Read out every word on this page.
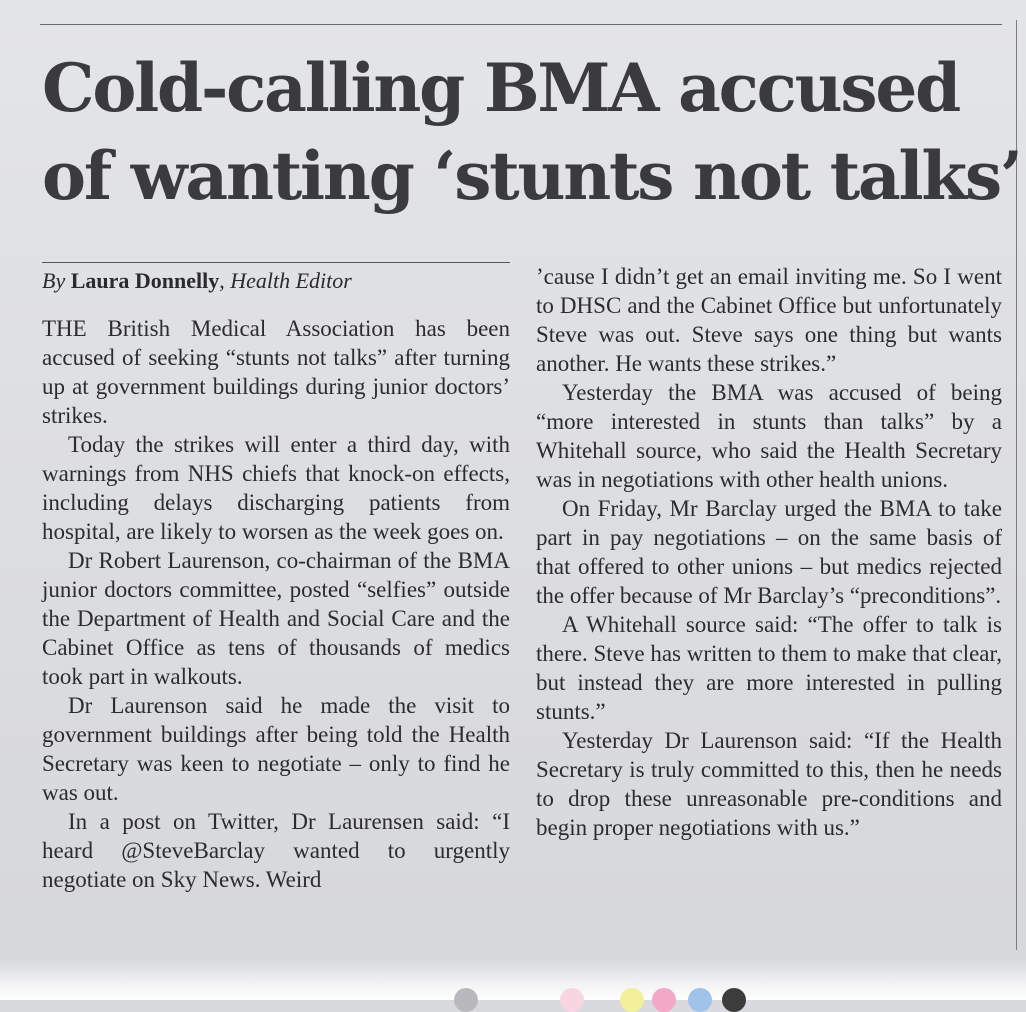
Cold-calling BMA accused
of wanting ‘stunts not talks’
By Laura Donnelly, Health Editor

THE British Medical Association has been accused of seeking “stunts not talks” after turning up at government buildings during junior doctors’ strikes.

Today the strikes will enter a third day, with warnings from NHS chiefs that knock-on effects, including delays discharging patients from hospital, are likely to worsen as the week goes on.

Dr Robert Laurenson, co-chairman of the BMA junior doctors committee, posted “selfies” outside the Department of Health and Social Care and the Cabinet Office as tens of thousands of medics took part in walkouts.

Dr Laurenson said he made the visit to government buildings after being told the Health Secretary was keen to negotiate – only to find he was out.

In a post on Twitter, Dr Laurensen said: “I heard @SteveBarclay wanted to urgently negotiate on Sky News. Weird

’cause I didn’t get an email inviting me. So I went to DHSC and the Cabinet Office but unfortunately Steve was out. Steve says one thing but wants another. He wants these strikes.”

Yesterday the BMA was accused of being “more interested in stunts than talks” by a Whitehall source, who said the Health Secretary was in negotiations with other health unions.

On Friday, Mr Barclay urged the BMA to take part in pay negotiations – on the same basis of that offered to other unions – but medics rejected the offer because of Mr Barclay’s “preconditions”.

A Whitehall source said: “The offer to talk is there. Steve has written to them to make that clear, but instead they are more interested in pulling stunts.”

Yesterday Dr Laurenson said: “If the Health Secretary is truly committed to this, then he needs to drop these unreasonable pre-conditions and begin proper negotiations with us.”
